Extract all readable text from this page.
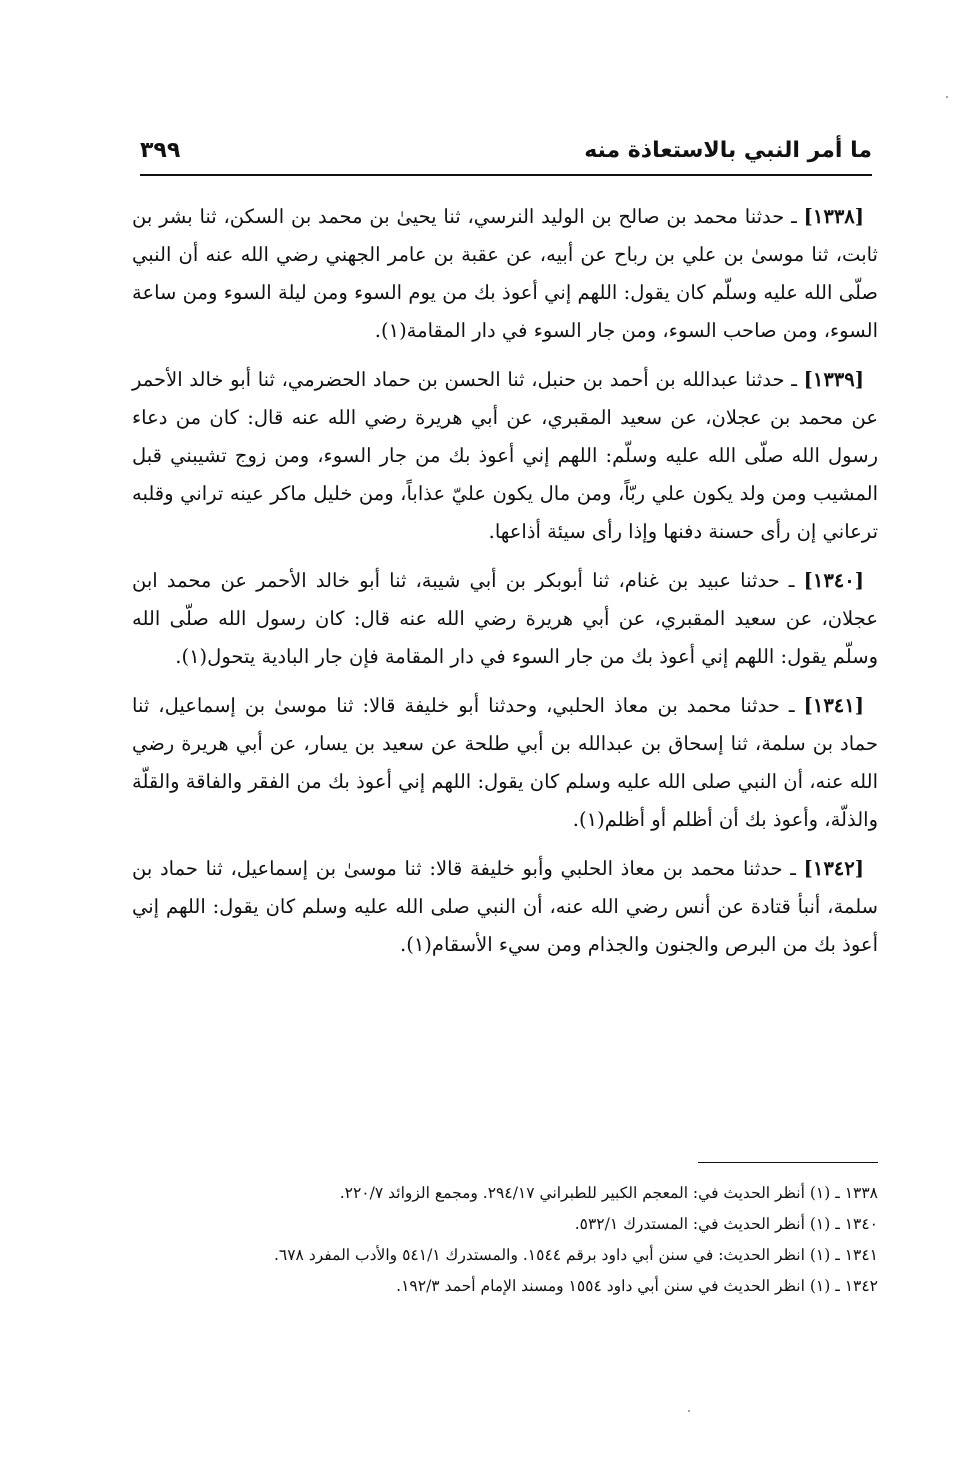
ما أمر النبي بالاستعاذة منه
٣٩٩

[١٣٣٨] ـ حدثنا محمد بن صالح بن الوليد النرسي، ثنا يحيىٰ بن محمد بن السكن، ثنا بشر بن ثابت، ثنا موسىٰ بن علي بن رباح عن أبيه، عن عقبة بن عامر الجهني رضي الله عنه أن النبي صلّى الله عليه وسلّم كان يقول: اللهم إني أعوذ بك من يوم السوء ومن ليلة السوء ومن ساعة السوء، ومن صاحب السوء، ومن جار السوء في دار المقامة(١).

[١٣٣٩] ـ حدثنا عبدالله بن أحمد بن حنبل، ثنا الحسن بن حماد الحضرمي، ثنا أبو خالد الأحمر عن محمد بن عجلان، عن سعيد المقبري، عن أبي هريرة رضي الله عنه قال: كان من دعاء رسول الله صلّى الله عليه وسلّم: اللهم إني أعوذ بك من جار السوء، ومن زوج تشيبني قبل المشيب ومن ولد يكون علي ربّاً، ومن مال يكون عليّ عذاباً، ومن خليل ماكر عينه تراني وقلبه ترعاني إن رأى حسنة دفنها وإذا رأى سيئة أذاعها.

[١٣٤٠] ـ حدثنا عبيد بن غنام، ثنا أبوبكر بن أبي شيبة، ثنا أبو خالد الأحمر عن محمد ابن عجلان، عن سعيد المقبري، عن أبي هريرة رضي الله عنه قال: كان رسول الله صلّى الله وسلّم يقول: اللهم إني أعوذ بك من جار السوء في دار المقامة فإن جار البادية يتحول(١).

[١٣٤١] ـ حدثنا محمد بن معاذ الحلبي، وحدثنا أبو خليفة قالا: ثنا موسىٰ بن إسماعيل، ثنا حماد بن سلمة، ثنا إسحاق بن عبدالله بن أبي طلحة عن سعيد بن يسار، عن أبي هريرة رضي الله عنه، أن النبي صلى الله عليه وسلم كان يقول: اللهم إني أعوذ بك من الفقر والفاقة والقلّة والذلّة، وأعوذ بك أن أظلم أو أظلم(١).

[١٣٤٢] ـ حدثنا محمد بن معاذ الحلبي وأبو خليفة قالا: ثنا موسىٰ بن إسماعيل، ثنا حماد بن سلمة، أنبأ قتادة عن أنس رضي الله عنه، أن النبي صلى الله عليه وسلم كان يقول: اللهم إني أعوذ بك من البرص والجنون والجذام ومن سيء الأسقام(١).

١٣٣٨ ـ (١) أنظر الحديث في: المعجم الكبير للطبراني ٢٩٤/١٧. ومجمع الزوائد ٢٢٠/٧.

١٣٤٠ ـ (١) أنظر الحديث في: المستدرك ٥٣٢/١.

١٣٤١ ـ (١) انظر الحديث: في سنن أبي داود برقم ١٥٤٤. والمستدرك ٥٤١/١ والأدب المفرد ٦٧٨.

١٣٤٢ ـ (١) انظر الحديث في سنن أبي داود ١٥٥٤ ومسند الإمام أحمد ١٩٢/٣.
